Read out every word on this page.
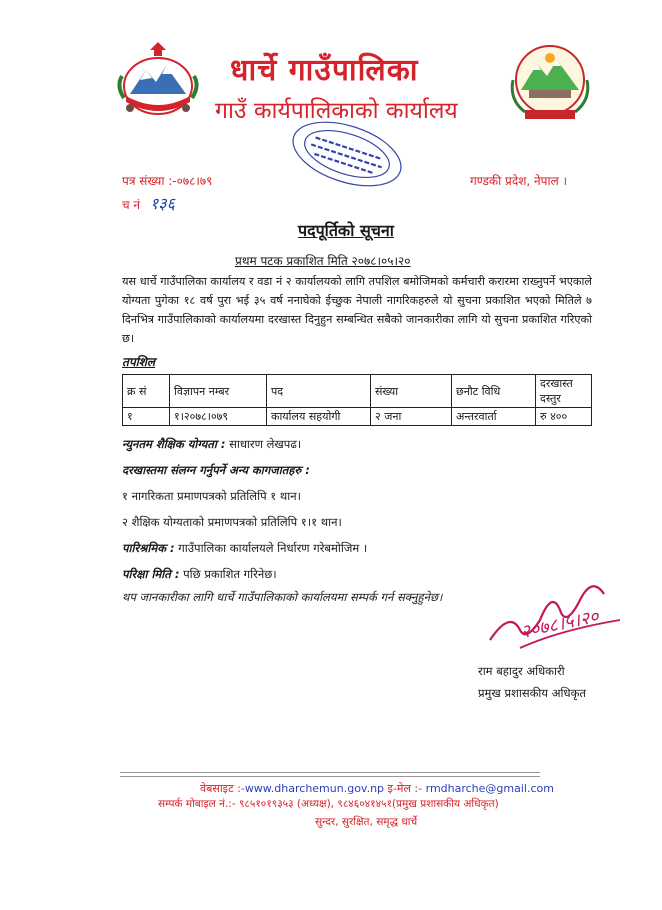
धार्चे गाउँपालिका
गाउँ कार्यपालिकाको कार्यालय
पत्र संख्या :-०७८।७९
च नं १३६
गण्डकी प्रदेश, नेपाल ।
पदपूर्तिको सूचना
प्रथम पटक प्रकाशित मिति २०७८।०५।२०
यस धार्चे गाउँपालिका कार्यालय र वडा नं २ कार्यालयको लागि तपशिल बमोजिमको कर्मचारी करारमा राख्नुपर्ने भएकाले योग्यता पुगेका १८ वर्ष पुरा भई ३५ वर्ष ननाघेको ईच्छुक नेपाली नागरिकहरुले यो सुचना प्रकाशित भएको मितिले ७ दिनभित्र गाउँपालिकाको कार्यालयमा दरखास्त दिनुहुन सम्बन्धित सबैको जानकारीका लागि यो सुचना प्रकाशित गरिएको छ।
तपशिल
क्र सं	विज्ञापन नम्बर	पद	संख्या	छनौट विधि	दरखास्त दस्तुर
१	१।२०७८।०७९	कार्यालय सहयोगी	२ जना	अन्तरवार्ता	रु ४००
न्युनतम शैक्षिक योग्यता : साधारण लेखपढ।
दरखास्तमा संलग्न गर्नुपर्ने अन्य कागजातहरु :
१ नागरिकता प्रमाणपत्रको प्रतिलिपि १ थान।
२ शैक्षिक योग्यताको प्रमाणपत्रको प्रतिलिपि १।१ थान।
पारिश्रमिक : गाउँपालिका कार्यालयले निर्धारण गरेबमोजिम ।
परिक्षा मिति : पछि प्रकाशित गरिनेछ।
थप जानकारीका लागि धार्चे गाउँपालिकाको कार्यालयमा सम्पर्क गर्न सक्नुहुनेछ।
२०७८।५।२०
राम बहादुर अधिकारी
प्रमुख प्रशासकीय अधिकृत
वेबसाइट :-www.dharchemun.gov.np इ-मेल :- rmdharche@gmail.com
सम्पर्क मोबाइल नं.:- ९८५१०१९३५३ (अध्यक्ष), ९८४६०४१४५१(प्रमुख प्रशासकीय अधिकृत)
सुन्दर, सुरक्षित, समृद्ध धार्चे
